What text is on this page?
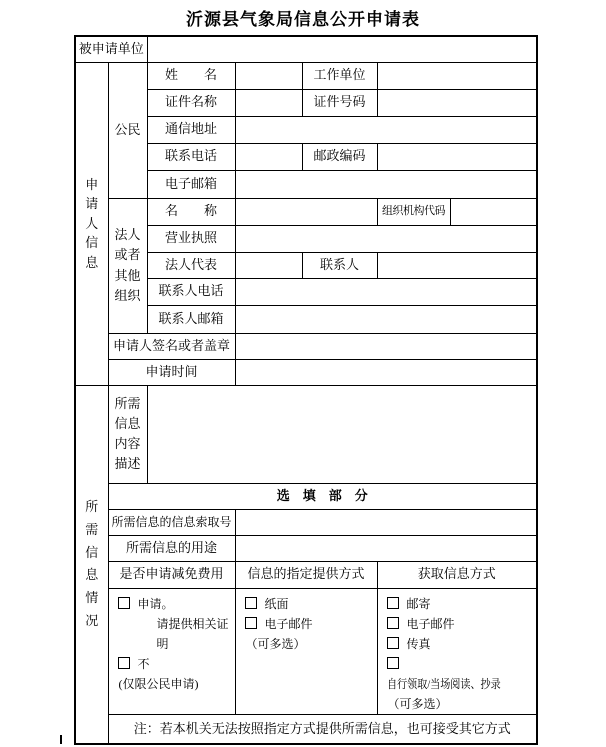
沂源县气象局信息公开申请表
被申请单位						

申请人信息	公民	姓　　名		工作单位		
		证件名称		证件号码		
		通信地址				
		联系电话		邮政编码		
		电子邮箱				

	法人或者其他组织	名　　称			组织机构代码	
		营业执照				
		法人代表		联系人		
		联系人电话				
		联系人邮箱				
	申请人签名或者盖章					
	申请时间					

所需信息情况	所需信息内容描述					

	选　填　部　分					
	所需信息的信息索取号					
	所需信息的用途					
	是否申请减免费用		信息的指定提供方式		获取信息方式	

申请。
请提供相关证明
不
(仅限公民申请)

纸面
电子邮件
（可多选）

邮寄
电子邮件
传真
自行领取/当场阅读、抄录
（可多选）

	注：若本机关无法按照指定方式提供所需信息，也可接受其它方式					
